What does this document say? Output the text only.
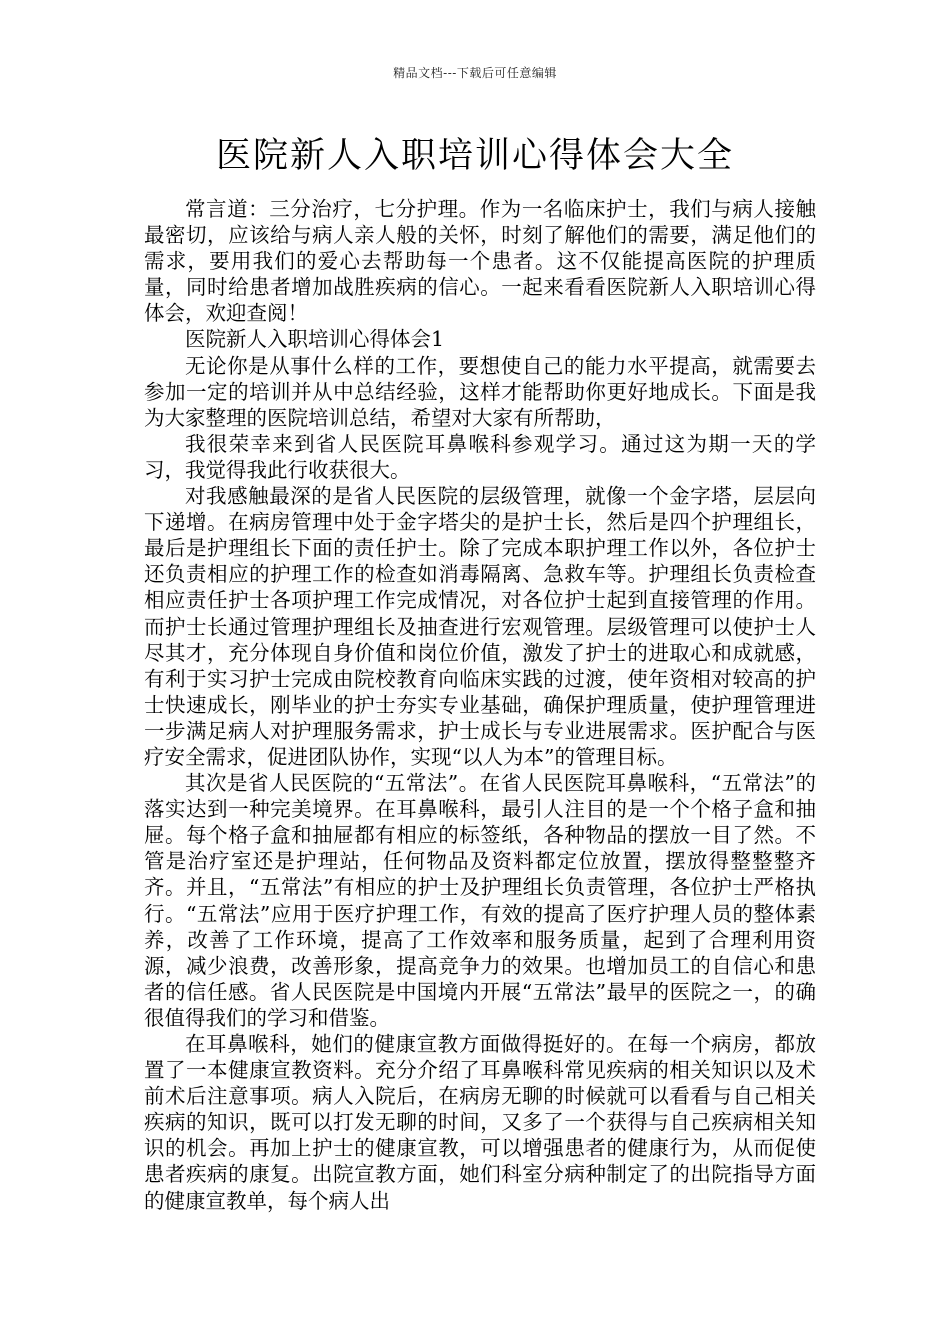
精品文档---下载后可任意编辑
医院新人入职培训心得体会大全

常言道：三分治疗，七分护理。作为一名临床护士，我们与病人接触最密切，应该给与病人亲人般的关怀，时刻了解他们的需要，满足他们的需求，要用我们的爱心去帮助每一个患者。这不仅能提高医院的护理质量，同时给患者增加战胜疾病的信心。一起来看看医院新人入职培训心得体会，欢迎查阅！

医院新人入职培训心得体会1

无论你是从事什么样的工作，要想使自己的能力水平提高，就需要去参加一定的培训并从中总结经验，这样才能帮助你更好地成长。下面是我为大家整理的医院培训总结，希望对大家有所帮助，

我很荣幸来到省人民医院耳鼻喉科参观学习。通过这为期一天的学习，我觉得我此行收获很大。

对我感触最深的是省人民医院的层级管理，就像一个金字塔，层层向下递增。在病房管理中处于金字塔尖的是护士长，然后是四个护理组长，最后是护理组长下面的责任护士。除了完成本职护理工作以外，各位护士还负责相应的护理工作的检查如消毒隔离、急救车等。护理组长负责检查相应责任护士各项护理工作完成情况，对各位护士起到直接管理的作用。而护士长通过管理护理组长及抽查进行宏观管理。层级管理可以使护士人尽其才，充分体现自身价值和岗位价值，激发了护士的进取心和成就感，有利于实习护士完成由院校教育向临床实践的过渡，使年资相对较高的护士快速成长，刚毕业的护士夯实专业基础，确保护理质量，使护理管理进一步满足病人对护理服务需求，护士成长与专业进展需求。医护配合与医疗安全需求，促进团队协作，实现“以人为本”的管理目标。

其次是省人民医院的“五常法”。在省人民医院耳鼻喉科，“五常法”的落实达到一种完美境界。在耳鼻喉科，最引人注目的是一个个格子盒和抽屉。每个格子盒和抽屉都有相应的标签纸，各种物品的摆放一目了然。不管是治疗室还是护理站，任何物品及资料都定位放置，摆放得整整整齐齐。并且，“五常法”有相应的护士及护理组长负责管理，各位护士严格执行。“五常法”应用于医疗护理工作，有效的提高了医疗护理人员的整体素养，改善了工作环境，提高了工作效率和服务质量，起到了合理利用资源，减少浪费，改善形象，提高竞争力的效果。也增加员工的自信心和患者的信任感。省人民医院是中国境内开展“五常法”最早的医院之一，的确很值得我们的学习和借鉴。

在耳鼻喉科，她们的健康宣教方面做得挺好的。在每一个病房，都放置了一本健康宣教资料。充分介绍了耳鼻喉科常见疾病的相关知识以及术前术后注意事项。病人入院后，在病房无聊的时候就可以看看与自己相关疾病的知识，既可以打发无聊的时间，又多了一个获得与自己疾病相关知识的机会。再加上护士的健康宣教，可以增强患者的健康行为，从而促使患者疾病的康复。出院宣教方面，她们科室分病种制定了的出院指导方面的健康宣教单，每个病人出
